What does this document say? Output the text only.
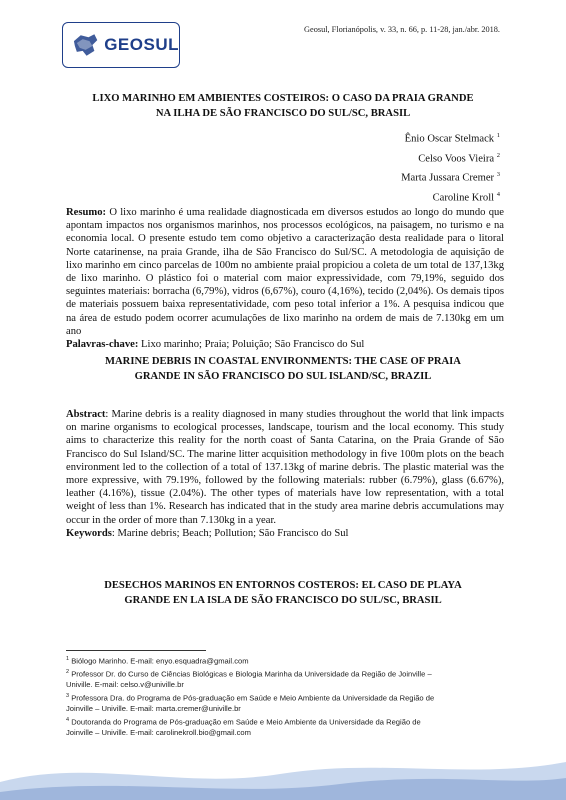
GEOSUL
Geosul, Florianópolis, v. 33, n. 66, p. 11-28, jan./abr. 2018.
LIXO MARINHO EM AMBIENTES COSTEIROS: O CASO DA PRAIA GRANDE
NA ILHA DE SÃO FRANCISCO DO SUL/SC, BRASIL
Ênio Oscar Stelmack $^1$
Celso Voos Vieira $^2$
Marta Jussara Cremer $^3$
Caroline Kroll $^4$
Resumo: O lixo marinho é uma realidade diagnosticada em diversos estudos ao longo do mundo que apontam impactos nos organismos marinhos, nos processos ecológicos, na paisagem, no turismo e na economia local. O presente estudo tem como objetivo a caracterização desta realidade para o litoral Norte catarinense, na praia Grande, ilha de São Francisco do Sul/SC. A metodologia de aquisição de lixo marinho em cinco parcelas de 100m no ambiente praial propiciou a coleta de um total de 137,13kg de lixo marinho. O plástico foi o material com maior expressividade, com 79,19%, seguido dos seguintes materiais: borracha (6,79%), vidros (6,67%), couro (4,16%), tecido (2,04%). Os demais tipos de materiais possuem baixa representatividade, com peso total inferior a 1%. A pesquisa indicou que na área de estudo podem ocorrer acumulações de lixo marinho na ordem de mais de 7.130kg em um ano
Palavras-chave: Lixo marinho; Praia; Poluição; São Francisco do Sul
MARINE DEBRIS IN COASTAL ENVIRONMENTS: THE CASE OF PRAIA
GRANDE IN SÃO FRANCISCO DO SUL ISLAND/SC, BRAZIL
Abstract: Marine debris is a reality diagnosed in many studies throughout the world that link impacts on marine organisms to ecological processes, landscape, tourism and the local economy. This study aims to characterize this reality for the north coast of Santa Catarina, on the Praia Grande of São Francisco do Sul Island/SC. The marine litter acquisition methodology in five 100m plots on the beach environment led to the collection of a total of 137.13kg of marine debris. The plastic material was the more expressive, with 79.19%, followed by the following materials: rubber (6.79%), glass (6.67%), leather (4.16%), tissue (2.04%). The other types of materials have low representation, with a total weight of less than 1%. Research has indicated that in the study area marine debris accumulations may occur in the order of more than 7.130kg in a year.
Keywords: Marine debris; Beach; Pollution; São Francisco do Sul
DESECHOS MARINOS EN ENTORNOS COSTEROS: EL CASO DE PLAYA
GRANDE EN LA ISLA DE SÃO FRANCISCO DO SUL/SC, BRASIL
$^1$ Biólogo Marinho. E-mail: enyo.esquadra@gmail.com
$^2$ Professor Dr. do Curso de Ciências Biológicas e Biologia Marinha da Universidade da Região de Joinville –
Univille. E-mail: celso.v@univille.br
$^3$ Professora Dra. do Programa de Pós-graduação em Saúde e Meio Ambiente da Universidade da Região de
Joinville – Univille. E-mail: marta.cremer@univille.br
$^4$ Doutoranda do Programa de Pós-graduação em Saúde e Meio Ambiente da Universidade da Região de
Joinville – Univille. E-mail: carolinekroll.bio@gmail.com
